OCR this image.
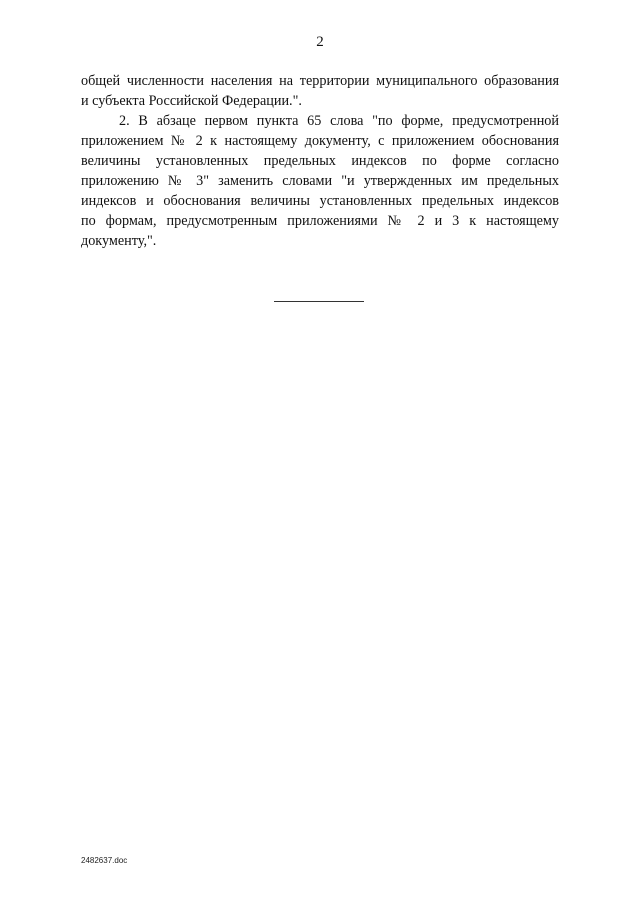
2
общей численности населения на территории муниципального образования
и субъекта Российской Федерации.".
2. В абзаце первом пункта 65 слова "по форме, предусмотренной
приложением № 2 к настоящему документу, с приложением обоснования
величины установленных предельных индексов по форме согласно
приложению № 3" заменить словами "и утвержденных им предельных
индексов и обоснования величины установленных предельных индексов
по формам, предусмотренным приложениями № 2 и 3 к настоящему
документу,".
2482637.doc
